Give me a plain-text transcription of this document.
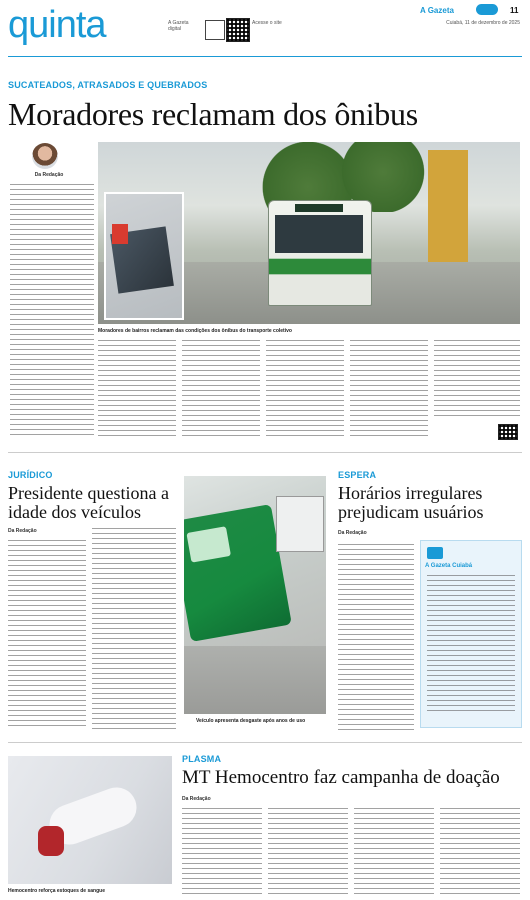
quinta	A Gazeta digital
Acesse o site
A Gazeta	11
Cuiabá, 11 de dezembro de 2025
SUCATEADOS, ATRASADOS E QUEBRADOS
Moradores reclamam dos ônibus
Da Redação
Moradores de bairros reclamam das condições dos ônibus do transporte coletivo
JURÍDICO
Presidente questiona a idade dos veículos
Da Redação
Veículo apresenta desgaste após anos de uso
ESPERA
Horários irregulares prejudicam usuários
Da Redação
A Gazeta Cuiabá
Hemocentro reforça estoques de sangue
PLASMA
MT Hemocentro faz campanha de doação
Da Redação
